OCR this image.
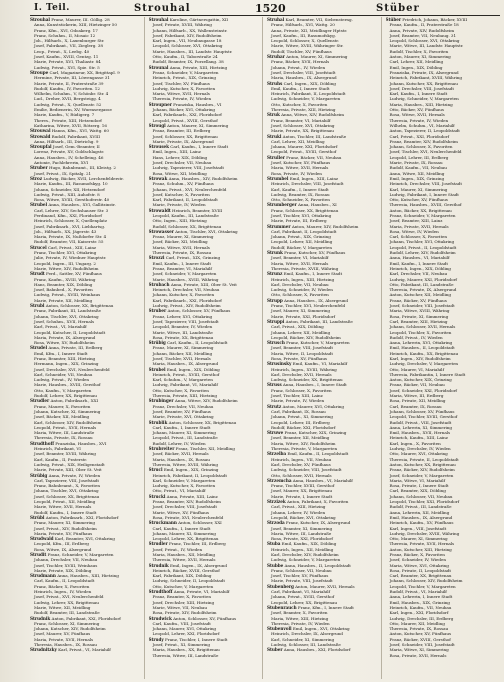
I. Teil.	Strouhal	1520	Stüber
Strouhal Franz, Maurer, III. Göllig. 28
Anna, Kunststickerin, XIII, Hietzinger 50
Franz, Kfm., XVI, Odoakerg. 17
Franz, Schuhm., II, Mosaic 12
Joh., Hilfsarb., X, Laxenburger Str.
Josef, Fabrikant., VII, Zieglerg. 38
Leop., Privat., X, Leebg. 40
Josef, Kaufm., XVIII, Gentzg. 11
Marie, Private, XVI, Thaliastr. 84
Ludwig, Privat., XVI, Spie. Str. 5
Stroupe Carl, Magazineur, XX, Brigittapl. 9
Hermine, Private, III, Löwengasse 31
Marie, Private, II, Praterstraße 39
Rudolf, Kaufm., IV, Favoriten. 12
Wilhelm, Schuhm., V, Schönbr. Str. 4
Lud., Dreher, XVII, Bergsteigg. 4
Ludwig, Privat., X, Quellenstr. 52
Emilie, Bedienerin, XV, Wurmsergasse
Marie, Kaufm., V, Rüdigerg. 7
Theres., Private, XIII, Hetzendorf
Katharina, Witwe, XVII, Rötzerg. 16
Strouwal Hanns, Kfm., XVI, Wattg. 60
Strowald Rudolf, Fabrikant, XVIII
Anna, Hilfsarb., III, Dietrichg. 9
Stroupfal Josef, Gem.-Beamter, II
Lorenz, Private, XV, Goldschlagstr.
Anna, Hausbes., IV, Schelleing. 46
Antonie, Fachlehrerin, XVI
Struber Hugo, Bahnbeamt., III, Kleistg. 2
Josef, Privat., IX, Spitalg. 21
Stroz Ludwig, Bäcker, XVII, Lerchenfelderstr.
Marie, Kaufm., III, Rasumofskyg. 10
Johann, Schneider, XII, Hetzendorf
Ludwig, Privat., XIII, Auhofstr. 8
Rosa, Witwe, XVIII, Gersthoferstr. 40
Strubel Anna, Hausbes., XVI, Gallitzinstr.
Carl, Lehrer, XIV, Sechshauser Str. 3
Ferdinand, Kfm., XXI, Floridsdorf
Heinrich, Schlosser, X, Quellenplatz
Josef, Fabriksarb., XVI, Liebhartsg.
Joh., Hilfsarb., XX, Jägerstr. 43
Maria, Private, IX, Nußdorfer Str. 4
Rudolf, Beamter, VII, Kaiserstr. 55
Strucel Carl, Privat., XIII, Lainz
Franz, Tischler, XVI, Ottakring
Julie, Private, IV, Wiedner Hauptstr.
Leopold, Ingen., III, Ungarg. 2
Marie, Witwe, XIV, Rudolfsheim
Strudt Ferd., Sattler, XV, Fünfhaus
Franz, Kaufm., XVIII, Währing
Hans, Beamter, XIX, Döbling
Josef, Bahnbed., X, Favoriten
Ludwig, Privat., XVIII, Weinhaus
Marie, Private, XII, Meidling
Strubl Anton, Schlosser, XX, Brigittenau
Franz, Fabrikant, III, Landstraße
Johann, Tischler, XVI, Ottakring
Josef, Schuhm., XVII, Hernals
Karl, Privat., VI, Mariahilf
Leopold, Kutscher, II, Leopoldstadt
Maria, Private, IX, Alsergrund
Rosa, Witwe, XV, Rudolfsheim
Strudel Anna, Private, III, Erdberg
Emil, Kfm., I, Innere Stadt
Franz, Beamter, XIII, Hietzing
Hermann, Ingen., XIX, Grinzing
Josef, Drechsler, XVI, Neulerchenfeld
Karl, Schneider, VII, Neubau
Ludwig, Privat., IV, Wieden
Marie, Hausbes., XVIII, Gersthof
Otto, Kaufm., V, Margareten
Rudolf, Lehrer, XX, Brigittenau
Strudler Anton, Fabriksarb., XXI
Franz, Maurer, X, Favoriten
Johann, Kutscher, XI, Simmering
Josef, Bäcker, XII, Meidling
Karl, Schlosser, XIV, Rudolfsheim
Leopold, Privat., XVII, Hernals
Maria, Witwe, III, Landstraße
Theresia, Private, IX, Rossau
Strudthoff Franziska, Hausbes., XVI
Heinrich, Fabrikant, VI
Josef, Beamter, XVIII, Währing
Karl, Kaufm., II, Praterstr.
Ludwig, Privat., XIX, Heiligenstadt
Marie, Private, XIII, Ober St. Veit
Strübig Anna, Private, IV, Wieden
Carl, Tapezierer, VIII, Josefstadt
Franz, Bahnbeamt., X, Favoriten
Johann, Tischler, XVI, Ottakring
Josef, Schlosser, XX, Brigittenau
Leopold, Privat., XII, Meidling
Marie, Witwe, XVII, Hernals
Rudolf, Kaufm., I, Innere Stadt
Strübl Anton, Fabriksarb., XXI, Floridsdorf
Franz, Maurer, XI, Simmering
Josef, Privat., XIV, Rudolfsheim
Maria, Private, XV, Fünfhaus
Strudwald Karl, Beamter, XVI, Ottakring
Leopold, Kfm., III, Erdberg
Rosa, Witwe, IX, Alsergrund
Strudit Franz, Schneider, V, Margareten
Johann, Drechsler, VII, Neubau
Josef, Tischler, XVIII, Weinhaus
Marie, Private, XIX, Döbling
Strudmann Anna, Hausbes., XIII, Hietzing
Carl, Kaufm., II, Leopoldstadt
Franz, Bäcker, X, Favoriten
Heinrich, Ingen., IV, Wieden
Josef, Privat., XVI, Neulerchenfeld
Ludwig, Lehrer, XX, Brigittenau
Marie, Witwe, XII, Meidling
Rudolf, Beamter, III, Landstraße
Strudnik Anton, Fabrikant, XXI, Floridsdorf
Franz, Schlosser, XI, Simmering
Johann, Kutscher, XIV, Rudolfsheim
Josef, Maurer, XV, Fünfhaus
Maria, Private, XVII, Hernals
Theresia, Hausbes., IX, Rossau
Strudnitzky Karl, Privat., VI, Mariahilf
Strouhal Karoline, Gärtnersgattin, XII
Josef, Private, XVIII, Währing
Johann, Hilfsarb., XX, Wallensteinstr.
Josef, Fabrikant, XIV, Rudolfsheim
Karl, Ingen., VII, Neubaugasse 18
Leopold, Schlosser, XVI, Ottakring
Marie, Hausbes., III, Landstr. Hauptstr.
Otto, Kaufm., II, Taborstraße 24
Rudolf, Beamter, IX, Porzellang. 38
Strounal Anna, Private, XIII, Hietzing
Franz, Schneider, V, Margareten
Heinrich, Privat., XIX, Grinzing
Josef, Tischler, XV, Fünfhaus
Ludwig, Kutscher, X, Favoriten
Maria, Witwe, XVII, Hernals
Theresia, Private, IV, Wieden
Stroupner Franziska, Hausbes., VI
Johann, Bäcker, XVI, Ottakring
Karl, Fabriksarb., XXI, Floridsdorf
Leopold, Privat., XVIII, Gersthof
Strougl Anton, Maurer, XI, Simmering
Franz, Beamter, III, Erdberg
Josef, Schlosser, XX, Brigittenau
Marie, Private, IX, Alsergrund
Strousek Carl, Kaufm., I, Innere Stadt
Emil, Ingen., XIII, Lainz
Hans, Lehrer, XIX, Döbling
Josef, Drechsler, VII, Neubau
Ludwig, Tapezierer, VIII, Josefstadt
Rosa, Witwe, XII, Meidling
Strowak Anna, Hausbes., XIV, Rudolfsheim
Franz, Schuhm., XV, Fünfhaus
Johann, Privat., XVI, Neulerchenfeld
Josef, Kutscher, X, Favoriten
Karl, Fabrikant, II, Leopoldstadt
Marie, Private, IV, Wieden
Strowaldt Heinrich, Beamter, XVIII
Leopold, Kaufm., III, Landstraße
Otto, Ingen., XIII, Hietzing
Rudolf, Schlosser, XX, Brigittenau
Strowasser Anton, Tischler, XVI, Ottakring
Franz, Maurer, XI, Simmering
Josef, Bäcker, XII, Meidling
Maria, Witwe, XVII, Hernals
Theresia, Private, IX, Rossau
Strozzi Carl, Privat., XIX, Grinzing
Emil, Kaufm., I, Innere Stadt
Franz, Beamter, VI, Mariahilf
Josef, Schneider, V, Margareten
Marie, Hausbes., XVIII, Währing
Strubach Anna, Private, XIII, Ober St. Veit
Heinrich, Drechsler, VII, Neubau
Johann, Kutscher, X, Favoriten
Karl, Fabriksarb., XXI, Floridsdorf
Ludwig, Privat., XIV, Rudolfsheim
Struber Anton, Schlosser, XV, Fünfhaus
Franz, Lehrer, XVI, Ottakring
Josef, Tapezierer, VIII, Josefstadt
Leopold, Beamter, IV, Wieden
Marie, Witwe, III, Landstraße
Rosa, Private, XX, Brigittenau
Strübig Carl, Kaufm., II, Leopoldstadt
Franz, Maurer, XI, Simmering
Johann, Bäcker, XII, Meidling
Josef, Tischler, XVII, Hernals
Maria, Hausbes., IX, Alsergrund
Strubel Emil, Ingen., XIX, Döbling
Heinrich, Privat., XVIII, Gersthof
Karl, Schuhm., V, Margareten
Ludwig, Fabrikant, VI, Mariahilf
Otto, Kutscher, X, Favoriten
Theresia, Private, XIII, Hietzing
Strubinger Anna, Witwe, XIV, Rudolfsheim
Franz, Drechsler, VII, Neubau
Josef, Beamter, XV, Fünfhaus
Marie, Private, XVI, Ottakring
Strublik Anton, Schlosser, XX, Brigittenau
Carl, Kaufm., I, Innere Stadt
Johann, Maurer, XI, Simmering
Leopold, Privat., III, Landstraße
Rudolf, Lehrer, IV, Wieden
Strubreiter Franz, Tischler, XII, Meidling
Josef, Bäcker, XVII, Hernals
Maria, Hausbes., IX, Rossau
Theresia, Witwe, XVIII, Währing
Strucl Emil, Ingen., XIX, Grinzing
Heinrich, Fabrikant, II, Leopoldstadt
Karl, Schneider, V, Margareten
Ludwig, Kutscher, X, Favoriten
Otto, Privat., VI, Mariahilf
Struckl Anna, Private, XIII, Lainz
Franz, Beamter, XIV, Rudolfsheim
Josef, Drechsler, VIII, Josefstadt
Marie, Witwe, XV, Fünfhaus
Rosa, Private, XVI, Neulerchenfeld
Struckmann Anton, Schlosser, XXI
Carl, Kaufm., I, Innere Stadt
Johann, Maurer, XI, Simmering
Leopold, Lehrer, XX, Brigittenau
Strudler Franz, Tischler, III, Erdberg
Josef, Privat., IV, Wieden
Maria, Hausbes., XII, Meidling
Theresia, Witwe, XVII, Hernals
Strudnik Emil, Ingen., IX, Alsergrund
Heinrich, Bäcker, XVIII, Gersthof
Karl, Fabrikant, XIX, Döbling
Ludwig, Schneider, II, Leopoldstadt
Otto, Kutscher, V, Margareten
Strudthoff Anna, Private, VI, Mariahilf
Franz, Beamter, X, Favoriten
Josef, Drechsler, XIII, Hietzing
Marie, Witwe, VII, Neubau
Rosa, Private, XIV, Rudolfsheim
Strudwick Anton, Schlosser, XV, Fünfhaus
Carl, Kaufm., VIII, Josefstadt
Johann, Maurer, XVI, Ottakring
Leopold, Lehrer, XXI, Floridsdorf
Strudy Franz, Tischler, I, Innere Stadt
Josef, Privat., XI, Simmering
Maria, Hausbes., XX, Brigittenau
Theresia, Witwe, III, Landstraße
Struhal Karl, Beamter, VII, Siebensterng.
Franz, Hilfsarb., XVI, Wattg. 20
Anna, Private, XII, Meidlinger Hptstr.
Josef, Kaufm., III, Rasumofskyg.
Leopold, Schlosser, X, Quellenstr.
Marie, Witwe, XVIII, Währinger Str.
Rudolf, Tischler, XV, Fünfhaus
Struhar Anton, Maurer, XI, Simmering
Franz, Bäcker, XVII, Hernals
Johann, Privat., IV, Wieden
Josef, Drechsler, VIII, Josefstadt
Maria, Hausbes., IX, Alsergrund
Struhs Carl, Ingen., XIX, Döbling
Emil, Kaufm., I, Innere Stadt
Heinrich, Fabrikant, II, Leopoldstadt
Ludwig, Schneider, V, Margareten
Otto, Kutscher, X, Favoriten
Theresia, Private, XIII, Hietzing
Struk Anna, Witwe, XIV, Rudolfsheim
Franz, Beamter, VI, Mariahilf
Josef, Schlosser, XVI, Ottakring
Marie, Private, XX, Brigittenau
Strukl Anton, Tischler, III, Landstraße
Carl, Lehrer, XII, Meidling
Johann, Maurer, XXI, Floridsdorf
Leopold, Privat., XVIII, Gersthof
Struller Franz, Bäcker, VII, Neubau
Josef, Kutscher, XV, Fünfhaus
Maria, Witwe, XVII, Hernals
Rosa, Private, IV, Wieden
Strumbel Emil, Ingen., XIII, Lainz
Heinrich, Drechsler, VIII, Josefstadt
Karl, Kaufm., I, Innere Stadt
Ludwig, Beamter, IX, Rossau
Otto, Schneider, X, Favoriten
Strumberger Anna, Hausbes., XI
Franz, Schlosser, XX, Brigittenau
Josef, Tischler, XVI, Ottakring
Marie, Private, III, Erdberg
Strummer Anton, Maurer, XIV, Rudolfsheim
Carl, Fabrikant, II, Leopoldstadt
Johann, Privat., XIX, Grinzing
Leopold, Lehrer, XII, Meidling
Rudolf, Bäcker, V, Margareten
Strunk Franz, Kutscher, XV, Fünfhaus
Josef, Beamter, VI, Mariahilf
Maria, Witwe, XVII, Hernals
Theresia, Private, XVIII, Währing
Strunz Emil, Kaufm., I, Innere Stadt
Heinrich, Ingen., XIII, Hietzing
Karl, Drechsler, VII, Neubau
Ludwig, Schneider, IV, Wieden
Otto, Schlosser, X, Favoriten
Strupp Anna, Hausbes., IX, Alsergrund
Franz, Tischler, XVI, Neulerchenfeld
Josef, Maurer, XI, Simmering
Marie, Private, XXI, Floridsdorf
Struppi Anton, Fabrikant, III, Landstraße
Carl, Privat., XIX, Döbling
Johann, Lehrer, XII, Meidling
Leopold, Bäcker, XIV, Rudolfsheim
Strusch Franz, Kutscher, V, Margareten
Josef, Beamter, VIII, Josefstadt
Maria, Witwe, II, Leopoldstadt
Rosa, Private, XV, Fünfhaus
Strusinsky Emil, Kaufm., VI, Mariahilf
Heinrich, Ingen., XVIII, Währing
Karl, Drechsler, XVII, Hernals
Ludwig, Schneider, XX, Brigittenau
Struss Anna, Hausbes., I, Innere Stadt
Franz, Schlosser, X, Favoriten
Josef, Tischler, XIII, Lainz
Marie, Private, IV, Wieden
Strutz Anton, Maurer, XVI, Ottakring
Carl, Fabrikant, IX, Rossau
Johann, Privat., XI, Simmering
Leopold, Lehrer, III, Erdberg
Rudolf, Bäcker, XXI, Floridsdorf
Struwe Franz, Kutscher, XIX, Grinzing
Josef, Beamter, XII, Meidling
Maria, Witwe, XIV, Rudolfsheim
Theresia, Private, V, Margareten
Strzelba Emil, Kaufm., II, Leopoldstadt
Heinrich, Ingen., VII, Neubau
Karl, Drechsler, XV, Fünfhaus
Ludwig, Schneider, VIII, Josefstadt
Otto, Schlosser, XVII, Hernals
Strzemcha Anna, Hausbes., VI, Mariahilf
Franz, Tischler, XVIII, Gersthof
Josef, Maurer, XX, Brigittenau
Marie, Private, I, Innere Stadt
Strzizek Anton, Fabrikant, X, Favoriten
Carl, Privat., XIII, Hietzing
Johann, Lehrer, IV, Wieden
Leopold, Bäcker, XVI, Ottakring
Strzoda Franz, Kutscher, IX, Alsergrund
Josef, Beamter, XI, Simmering
Maria, Witwe, III, Landstraße
Rosa, Private, XXI, Floridsdorf
Stuba Emil, Kaufm., XIX, Döbling
Heinrich, Ingen., XII, Meidling
Karl, Drechsler, XIV, Rudolfsheim
Ludwig, Schneider, V, Margareten
Stubbe Anna, Hausbes., II, Leopoldstadt
Franz, Schlosser, VII, Neubau
Josef, Tischler, XV, Fünfhaus
Marie, Private, VIII, Josefstadt
Stubenberg Anton, Maurer, XVII, Hernals
Carl, Fabrikant, VI, Mariahilf
Johann, Privat., XVIII, Gersthof
Leopold, Lehrer, XX, Brigittenau
Stubenrauch Franz, Kfm., I, Innere Stadt
Josef, Beamter, X, Favoriten
Maria, Witwe, XIII, Hietzing
Theresia, Private, IV, Wieden
Stubenvoll Emil, Ingen., XVI, Ottakring
Heinrich, Drechsler, IX, Alsergrund
Karl, Schneider, XI, Simmering
Ludwig, Schlosser, III, Landstraße
Stuber Anna, Hausbes., XXI, Floridsdorf
Stüber Friedrich, Johann, Bäcker, XVIII
Franz, Kaufm., II, Praterstraße 18
Anna, Private, XIV, Rudolfsheim
Josef, Beamter, VII, Neubaug. 31
Leopold, Schlosser, XVI, Ottakring
Marie, Witwe, III, Landstr. Hauptstr.
Rudolf, Tischler, X, Favoriten
Anton, Maurer, XI, Simmering
Carl, Lehrer, XII, Meidling
Emil, Ingen., XIX, Döbling
Franziska, Private, IX, Alsergrund
Heinrich, Fabrikant, XVIII, Währing
Johann, Kutscher, XX, Brigittenau
Josef, Drechsler, VIII, Josefstadt
Karl, Kaufm., I, Innere Stadt
Ludwig, Schneider, V, Margareten
Maria, Hausbes., XIII, Hietzing
Otto, Bäcker, XV, Fünfhaus
Rosa, Witwe, XVII, Hernals
Theresia, Private, IV, Wieden
Wilhelm, Schuhm., VI, Mariahilf
Anton, Tapezierer, II, Leopoldstadt
Carl, Privat., XXI, Floridsdorf
Franz, Beamter, XIV, Rudolfsheim
Johann, Schlosser, X, Favoriten
Josef, Tischler, XVI, Neulerchenfeld
Leopold, Lehrer, III, Erdberg
Marie, Private, IX, Rossau
Rudolf, Kaufm., VII, Neubau
Anna, Witwe, XII, Meidling
Emil, Ingen., XIX, Grinzing
Heinrich, Drechsler, VIII, Josefstadt
Karl, Maurer, XI, Simmering
Ludwig, Fabrikant, I, Innere Stadt
Otto, Kutscher, XV, Fünfhaus
Theresia, Hausbes., XVIII, Gersthof
Anton, Bäcker, XX, Brigittenau
Franz, Schneider, V, Margareten
Josef, Beamter, XIII, Lainz
Maria, Private, XVII, Hernals
Rosa, Witwe, IV, Wieden
Carl, Schlosser, X, Favoriten
Johann, Tischler, XVI, Ottakring
Leopold, Privat., II, Leopoldstadt
Rudolf, Lehrer, XIV, Rudolfsheim
Anna, Hausbes., VI, Mariahilf
Emil, Kaufm., I, Innere Stadt
Heinrich, Ingen., XIX, Döbling
Karl, Drechsler, VII, Neubau
Ludwig, Maurer, XXI, Floridsdorf
Otto, Fabrikant, III, Landstraße
Theresia, Private, IX, Alsergrund
Anton, Kutscher, XII, Meidling
Franz, Bäcker, XV, Fünfhaus
Josef, Schneider, VIII, Josefstadt
Maria, Witwe, XVIII, Währing
Rosa, Private, XI, Simmering
Carl, Beamter, XIII, Hietzing
Johann, Schlosser, XVII, Hernals
Leopold, Tischler, X, Favoriten
Rudolf, Privat., IV, Wieden
Anna, Lehrerin, XVI, Ottakring
Emil, Hausbes., II, Leopoldstadt
Heinrich, Kaufm., XX, Brigittenau
Karl, Ingen., XIV, Rudolfsheim
Ludwig, Drechsler, V, Margareten
Otto, Maurer, VI, Mariahilf
Theresia, Fabrikantin, I, Innere Stadt
Anton, Kutscher, XIX, Grinzing
Franz, Bäcker, VII, Neubau
Josef, Schneider, XXI, Floridsdorf
Maria, Witwe, III, Erdberg
Rosa, Private, XII, Meidling
Carl, Beamter, IX, Rossau
Johann, Schlosser, XV, Fünfhaus
Leopold, Tischler, XVIII, Gersthof
Rudolf, Privat., VIII, Josefstadt
Anna, Lehrerin, XI, Simmering
Emil, Hausbes., XVII, Hernals
Heinrich, Kaufm., XIII, Lainz
Karl, Ingen., X, Favoriten
Ludwig, Drechsler, IV, Wieden
Otto, Maurer, XVI, Ottakring
Theresia, Private, II, Leopoldstadt
Anton, Kutscher, XX, Brigittenau
Franz, Bäcker, XIV, Rudolfsheim
Josef, Schneider, V, Margareten
Maria, Witwe, VI, Mariahilf
Rosa, Private, I, Innere Stadt
Carl, Beamter, XIX, Döbling
Johann, Schlosser, VII, Neubau
Leopold, Tischler, XXI, Floridsdorf
Rudolf, Privat., III, Landstraße
Anna, Lehrerin, XII, Meidling
Emil, Hausbes., IX, Alsergrund
Heinrich, Kaufm., XV, Fünfhaus
Karl, Ingen., VIII, Josefstadt
Ludwig, Drechsler, XVIII, Währing
Otto, Maurer, XI, Simmering
Theresia, Private, XVII, Hernals
Anton, Kutscher, XIII, Hietzing
Franz, Bäcker, X, Favoriten
Josef, Schneider, IV, Wieden
Maria, Witwe, XVI, Ottakring
Rosa, Private, II, Leopoldstadt
Carl, Beamter, XX, Brigittenau
Johann, Schlosser, XIV, Rudolfsheim
Leopold, Tischler, V, Margareten
Rudolf, Privat., VI, Mariahilf
Anna, Lehrerin, I, Innere Stadt
Emil, Hausbes., XIX, Grinzing
Heinrich, Kaufm., VII, Neubau
Karl, Ingen., XXI, Floridsdorf
Ludwig, Drechsler, III, Erdberg
Otto, Maurer, XII, Meidling
Theresia, Private, IX, Rossau
Anton, Kutscher, XV, Fünfhaus
Franz, Bäcker, XVIII, Gersthof
Josef, Schneider, VIII, Josefstadt
Maria, Witwe, XI, Simmering
Rosa, Private, XVII, Hernals
